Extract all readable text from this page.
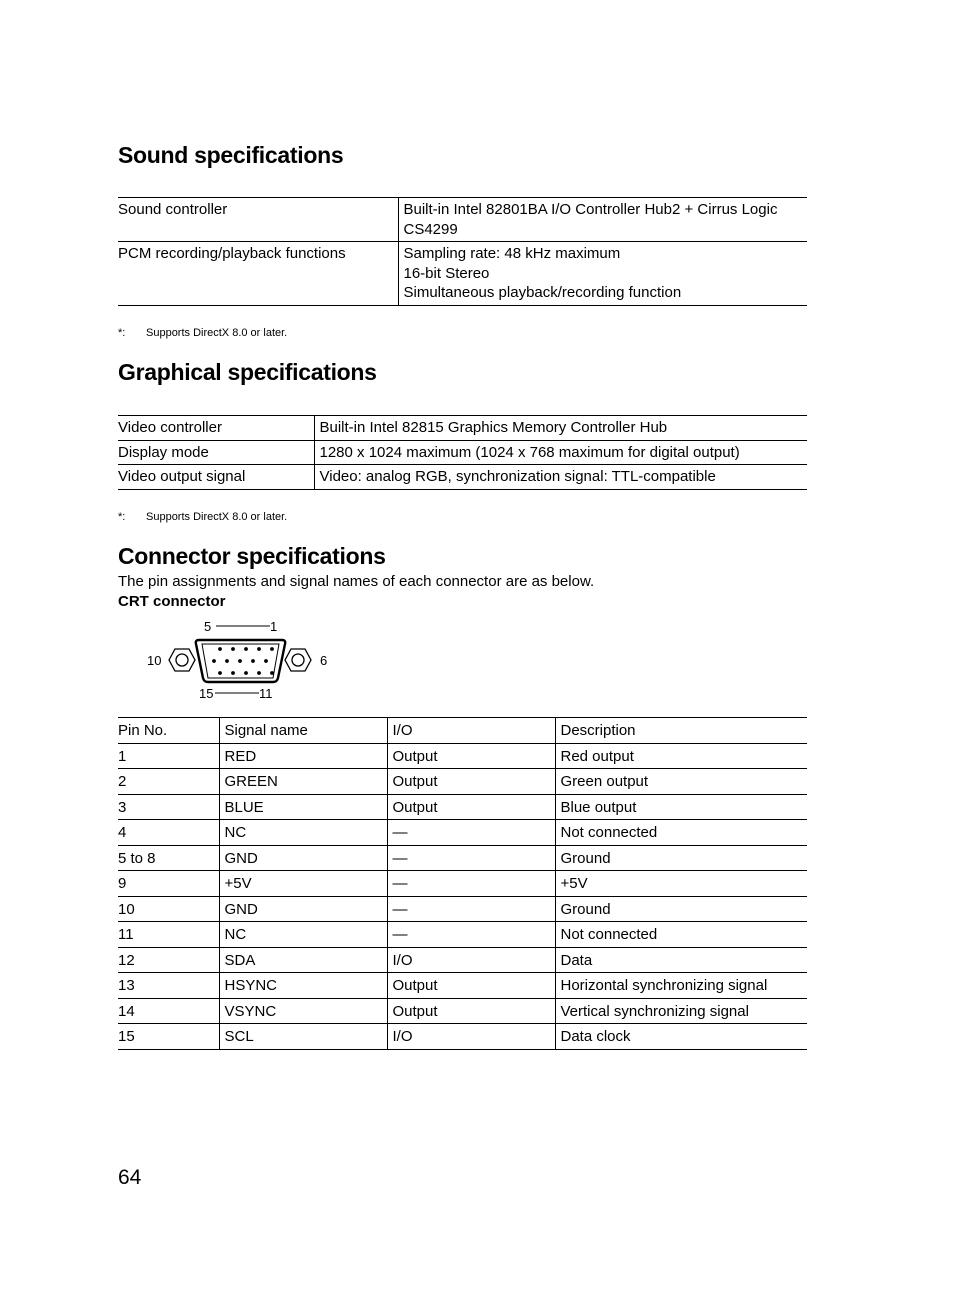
Sound specifications
Sound controller	Built-in Intel 82801BA I/O Controller Hub2 + Cirrus Logic
CS4299

PCM recording/playback functions	Sampling rate: 48 kHz maximum
16-bit Stereo
Simultaneous playback/recording function
*: Supports DirectX 8.0 or later.
Graphical specifications
Video controller	Built-in Intel 82815 Graphics Memory Controller Hub
Display mode	1280 x 1024 maximum (1024 x 768 maximum for digital output)
Video output signal	Video: analog RGB, synchronization signal: TTL-compatible
*: Supports DirectX 8.0 or later.
Connector specifications
The pin assignments and signal names of each connector are as below.
CRT connector
5	1
10	6
15	11
Pin No.	Signal name	I/O	Description
1	RED	Output	Red output
2	GREEN	Output	Green output
3	BLUE	Output	Blue output
4	NC	—	Not connected
5 to 8	GND	—	Ground
9	+5V	—	+5V
10	GND	—	Ground
11	NC	—	Not connected
12	SDA	I/O	Data
13	HSYNC	Output	Horizontal synchronizing signal
14	VSYNC	Output	Vertical synchronizing signal
15	SCL	I/O	Data clock
64
